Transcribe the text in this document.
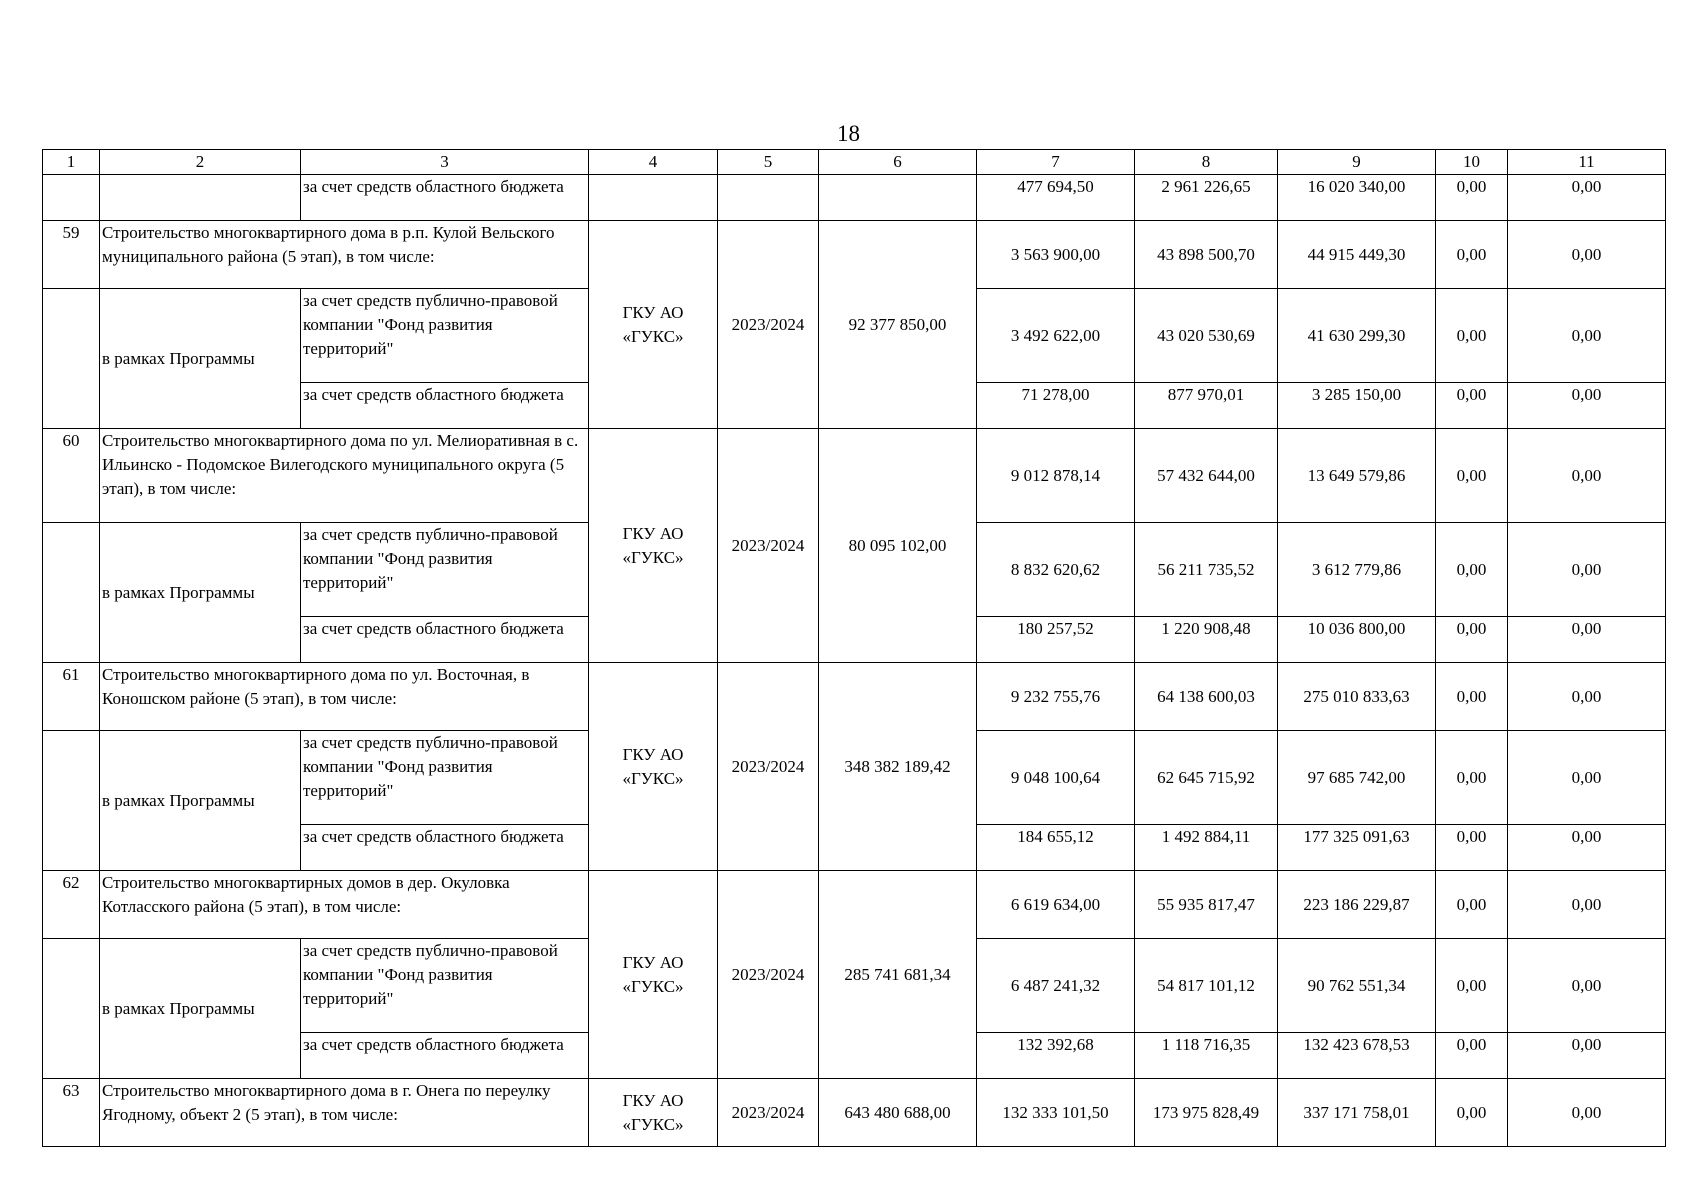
18
1	2	3	4	5	6	7	8	9	10	11
		за счет средств областного бюджета				477 694,50	2 961 226,65	16 020 340,00	0,00	0,00
59	Строительство многоквартирного дома в р.п. Кулой Вельского муниципального района (5 этап), в том числе:		ГКУ АО «ГУКС»	2023/2024	92 377 850,00	3 563 900,00	43 898 500,70	44 915 449,30	0,00	0,00
	в рамках Программы	за счет средств публично-правовой компании "Фонд развития территорий"				3 492 622,00	43 020 530,69	41 630 299,30	0,00	0,00
		за счет средств областного бюджета				71 278,00	877 970,01	3 285 150,00	0,00	0,00
60	Строительство многоквартирного дома по ул. Мелиоративная в с. Ильинско - Подомское Вилегодского муниципального округа (5 этап), в том числе:		ГКУ АО «ГУКС»	2023/2024	80 095 102,00	9 012 878,14	57 432 644,00	13 649 579,86	0,00	0,00
	в рамках Программы	за счет средств публично-правовой компании "Фонд развития территорий"				8 832 620,62	56 211 735,52	3 612 779,86	0,00	0,00
		за счет средств областного бюджета				180 257,52	1 220 908,48	10 036 800,00	0,00	0,00
61	Строительство многоквартирного дома по ул. Восточная, в Коношском районе (5 этап), в том числе:		ГКУ АО «ГУКС»	2023/2024	348 382 189,42	9 232 755,76	64 138 600,03	275 010 833,63	0,00	0,00
	в рамках Программы	за счет средств публично-правовой компании "Фонд развития территорий"				9 048 100,64	62 645 715,92	97 685 742,00	0,00	0,00
		за счет средств областного бюджета				184 655,12	1 492 884,11	177 325 091,63	0,00	0,00
62	Строительство многоквартирных домов в дер. Окуловка Котласского района (5 этап), в том числе:		ГКУ АО «ГУКС»	2023/2024	285 741 681,34	6 619 634,00	55 935 817,47	223 186 229,87	0,00	0,00
	в рамках Программы	за счет средств публично-правовой компании "Фонд развития территорий"				6 487 241,32	54 817 101,12	90 762 551,34	0,00	0,00
		за счет средств областного бюджета				132 392,68	1 118 716,35	132 423 678,53	0,00	0,00
63	Строительство многоквартирного дома в г. Онега по переулку Ягодному, объект 2 (5 этап), в том числе:		ГКУ АО «ГУКС»	2023/2024	643 480 688,00	132 333 101,50	173 975 828,49	337 171 758,01	0,00	0,00
